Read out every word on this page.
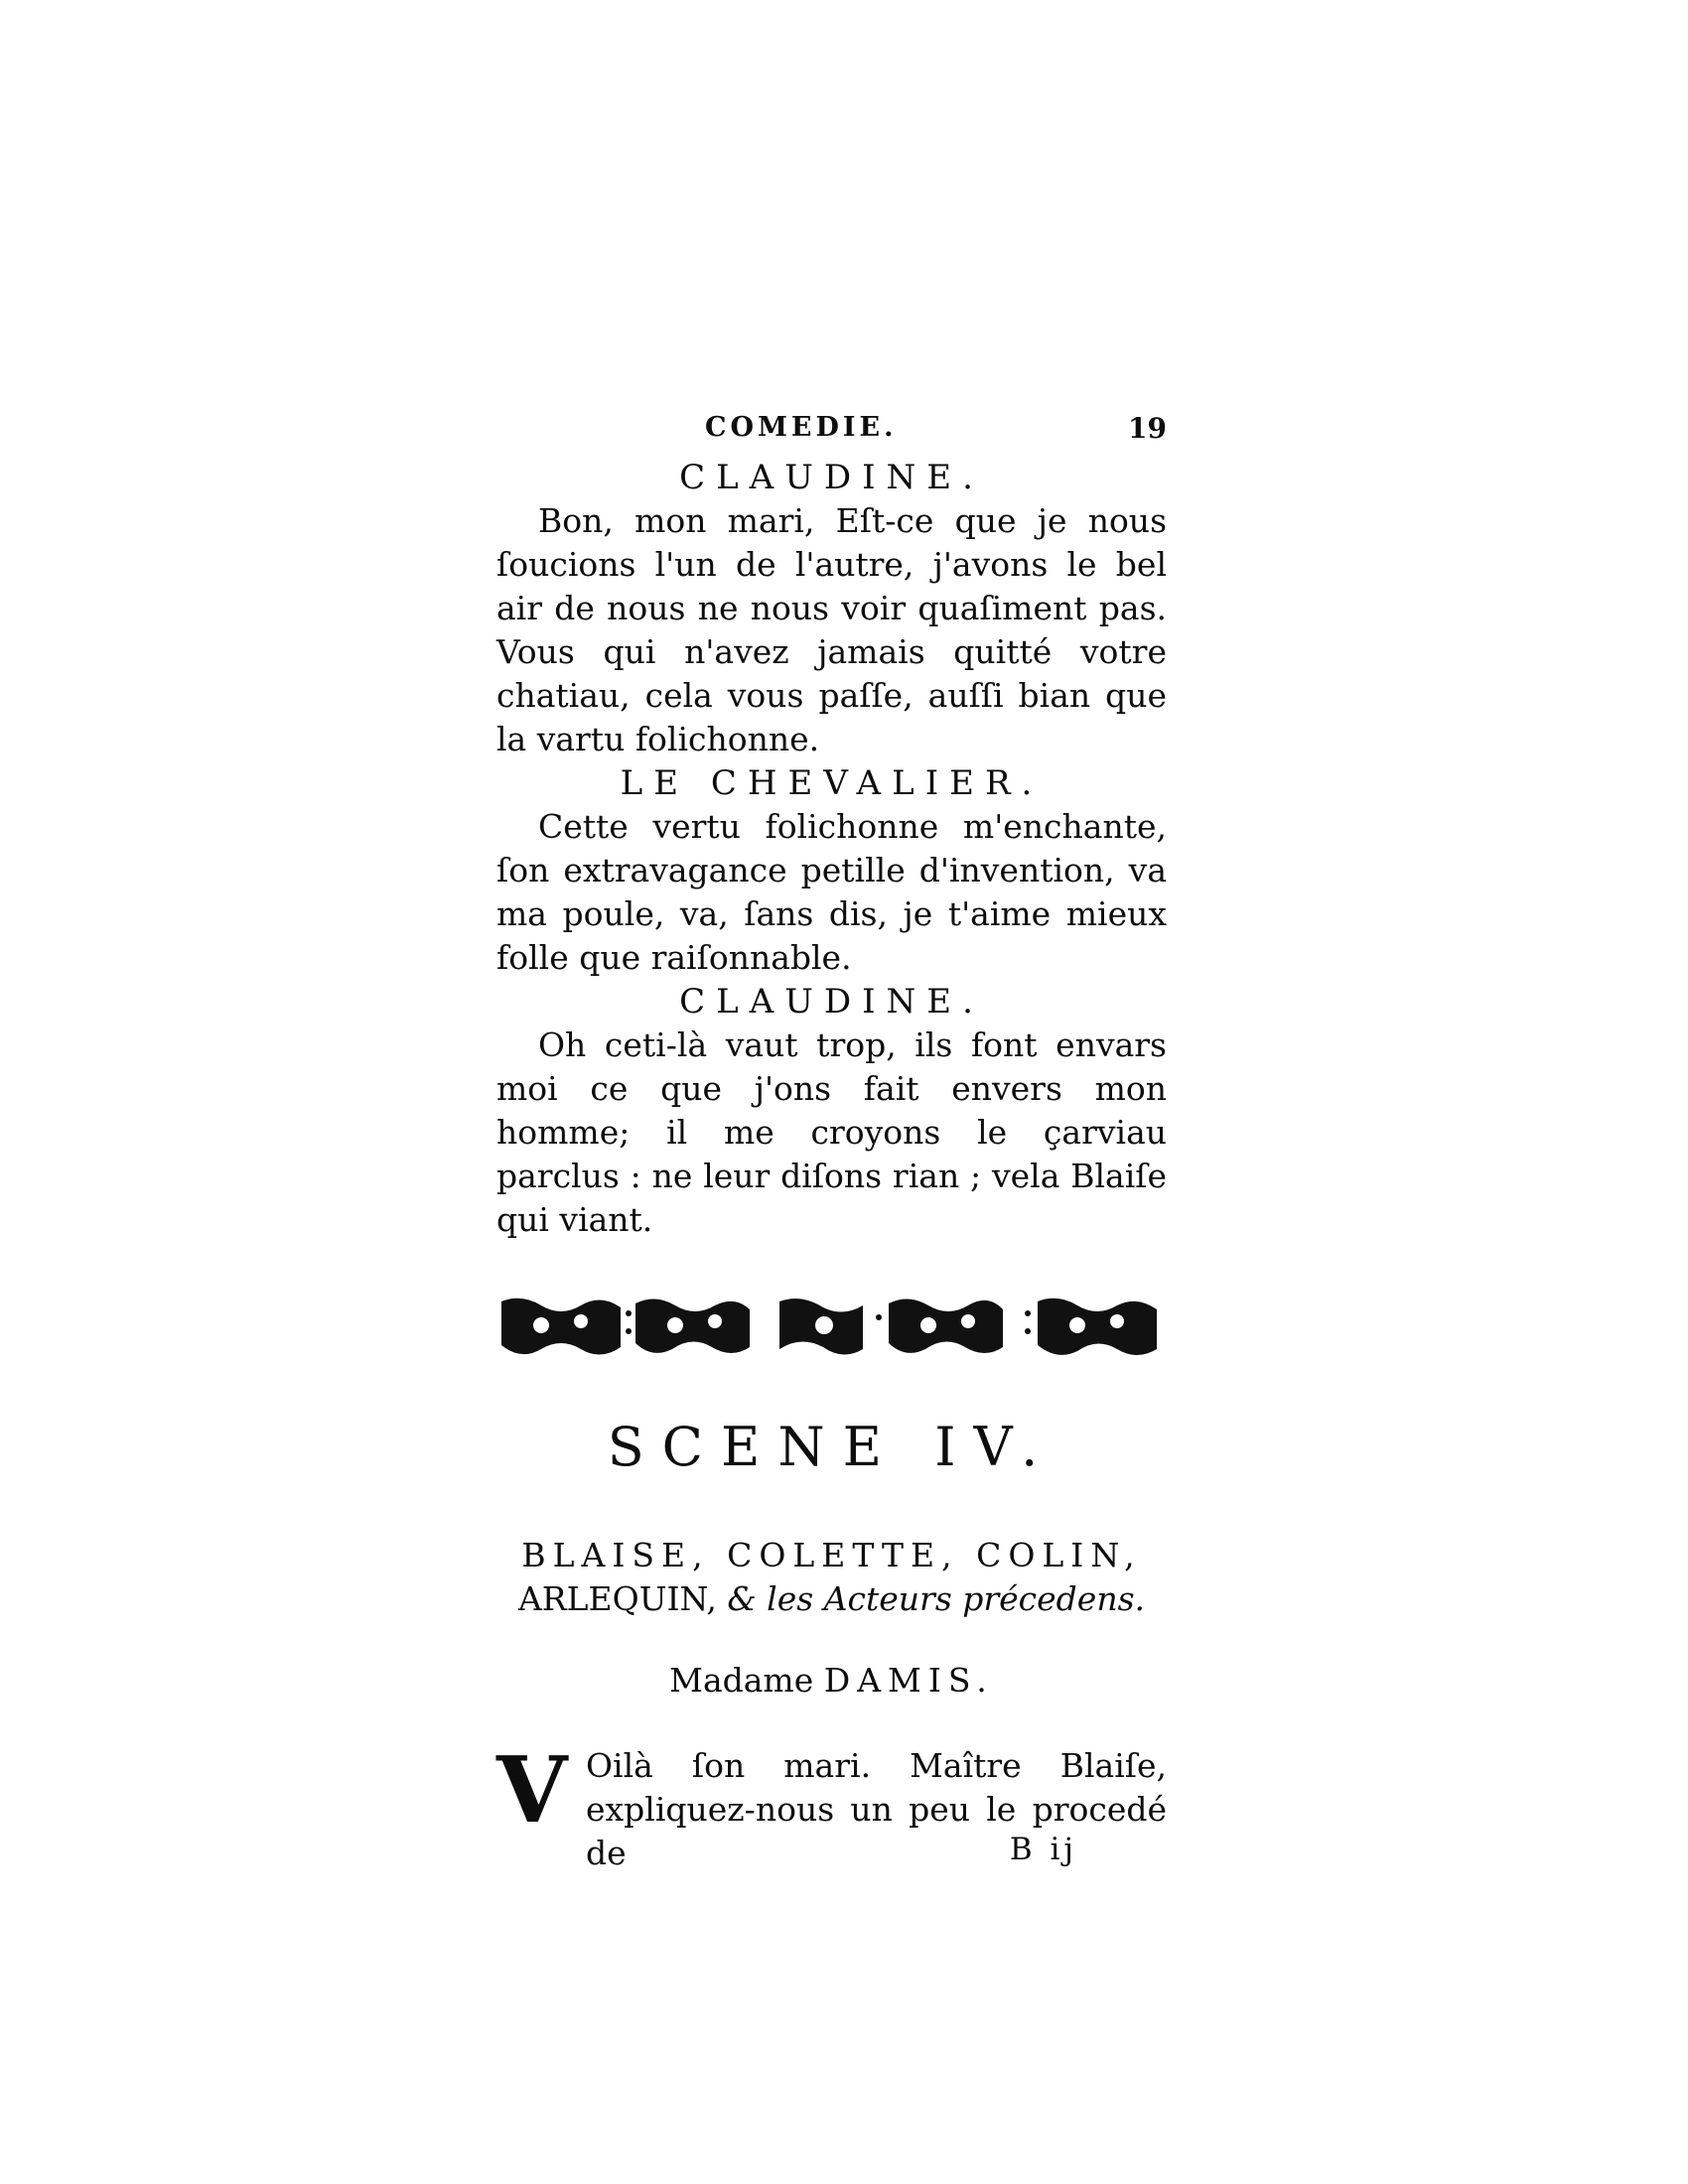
COMEDIE.	19

CLAUDINE.

Bon, mon mari, Eſt-ce que je nous ſoucions l'un de l'autre, j'avons le bel air de nous ne nous voir quaſiment pas. Vous qui n'avez jamais quitté votre chatiau, cela vous paſſe, auſſi bian que la vartu folichonne.

LE CHEVALIER.

Cette vertu folichonne m'enchante, ſon extravagance petille d'invention, va ma poule, va, ſans dis, je t'aime mieux folle que raiſonnable.

CLAUDINE.

Oh ceti-là vaut trop, ils font envars moi ce que j'ons fait envers mon homme; il me croyons le çarviau parclus : ne leur diſons rian ; vela Blaiſe qui viant.

SCENE IV.

BLAISE, COLETTE, COLIN,
ARLEQUIN, & les Acteurs précedens.
Madame DAMIS.
V Oilà ſon mari. Maître Blaiſe, expliquez-nous un peu le procedé de	B ij
